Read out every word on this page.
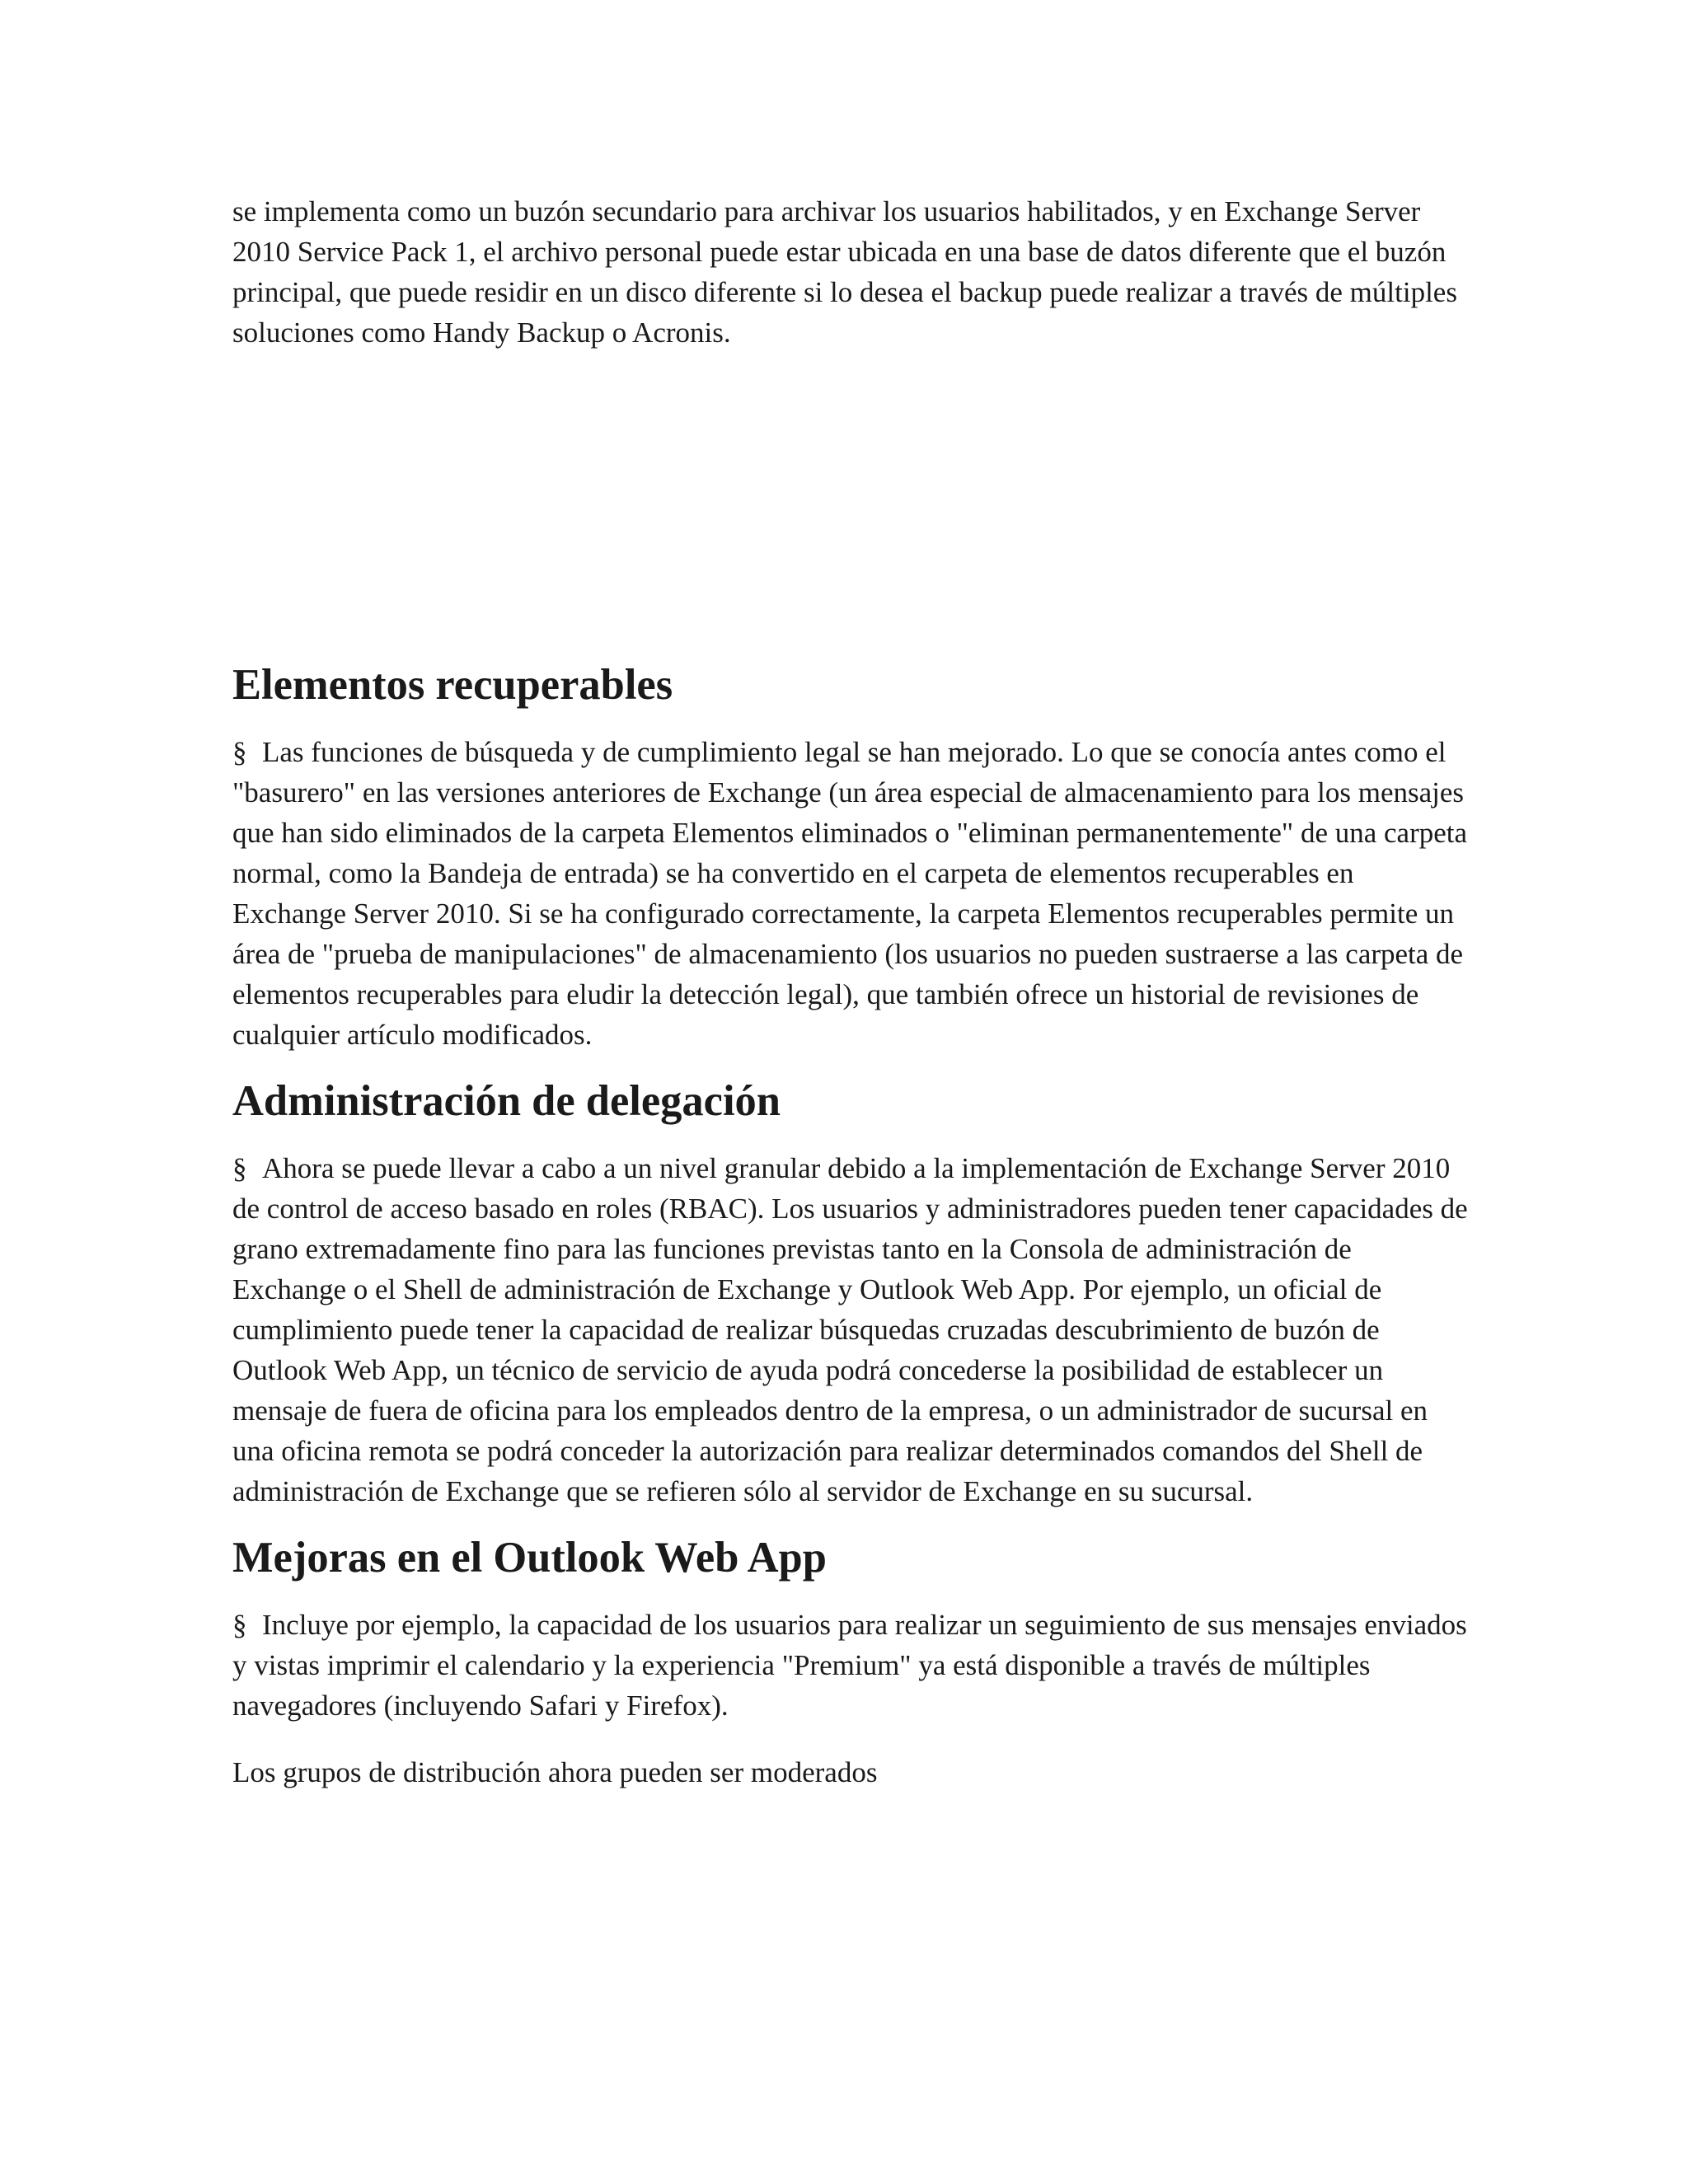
se implementa como un buzón secundario para archivar los usuarios habilitados, y en Exchange Server 2010 Service Pack 1, el archivo personal puede estar ubicada en una base de datos diferente que el buzón principal, que puede residir en un disco diferente si lo desea el backup puede realizar a través de múltiples soluciones como Handy Backup o Acronis.

Elementos recuperables

§ Las funciones de búsqueda y de cumplimiento legal se han mejorado. Lo que se conocía antes como el "basurero" en las versiones anteriores de Exchange (un área especial de almacenamiento para los mensajes que han sido eliminados de la carpeta Elementos eliminados o "eliminan permanentemente" de una carpeta normal, como la Bandeja de entrada) se ha convertido en el carpeta de elementos recuperables en Exchange Server 2010. Si se ha configurado correctamente, la carpeta Elementos recuperables permite un área de "prueba de manipulaciones" de almacenamiento (los usuarios no pueden sustraerse a las carpeta de elementos recuperables para eludir la detección legal), que también ofrece un historial de revisiones de cualquier artículo modificados.

Administración de delegación

§ Ahora se puede llevar a cabo a un nivel granular debido a la implementación de Exchange Server 2010 de control de acceso basado en roles (RBAC). Los usuarios y administradores pueden tener capacidades de grano extremadamente fino para las funciones previstas tanto en la Consola de administración de Exchange o el Shell de administración de Exchange y Outlook Web App. Por ejemplo, un oficial de cumplimiento puede tener la capacidad de realizar búsquedas cruzadas descubrimiento de buzón de Outlook Web App, un técnico de servicio de ayuda podrá concederse la posibilidad de establecer un mensaje de fuera de oficina para los empleados dentro de la empresa, o un administrador de sucursal en una oficina remota se podrá conceder la autorización para realizar determinados comandos del Shell de administración de Exchange que se refieren sólo al servidor de Exchange en su sucursal.

Mejoras en el Outlook Web App

§ Incluye por ejemplo, la capacidad de los usuarios para realizar un seguimiento de sus mensajes enviados y vistas imprimir el calendario y la experiencia "Premium" ya está disponible a través de múltiples navegadores (incluyendo Safari y Firefox).

Los grupos de distribución ahora pueden ser moderados
